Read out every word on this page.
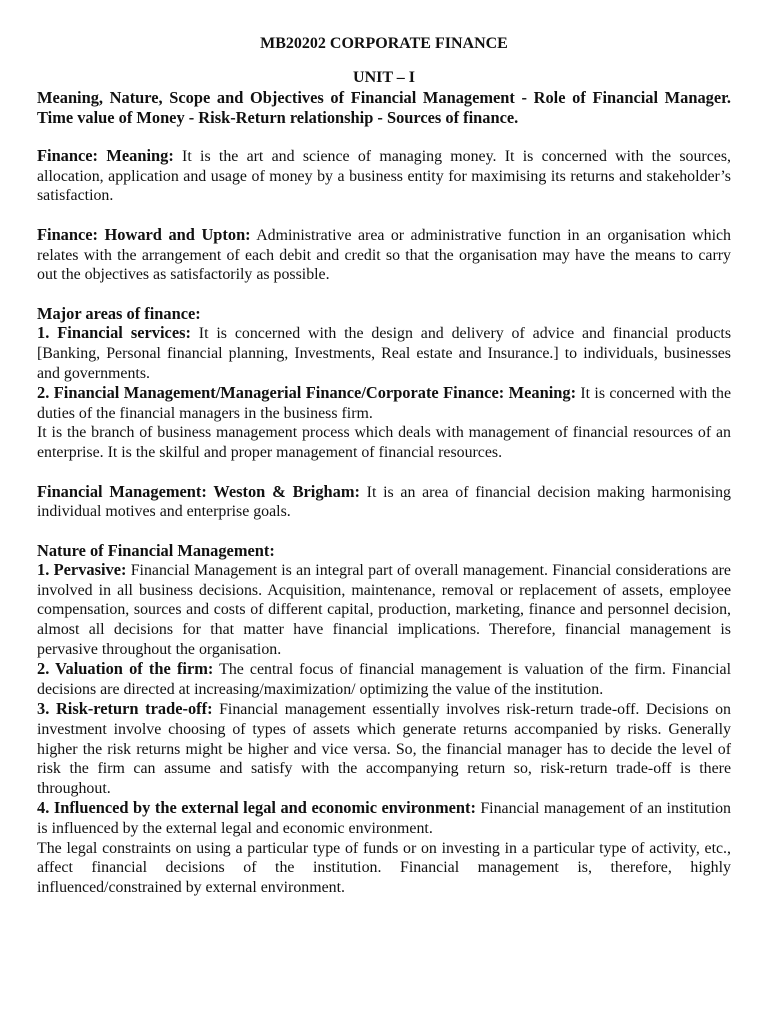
MB20202 CORPORATE FINANCE
UNIT – I

Meaning, Nature, Scope and Objectives of Financial Management - Role of Financial Manager. Time value of Money - Risk-Return relationship - Sources of finance.

Finance: Meaning: It is the art and science of managing money. It is concerned with the sources, allocation, application and usage of money by a business entity for maximising its returns and stakeholder’s satisfaction.

Finance: Howard and Upton: Administrative area or administrative function in an organisation which relates with the arrangement of each debit and credit so that the organisation may have the means to carry out the objectives as satisfactorily as possible.

Major areas of finance:

1. Financial services: It is concerned with the design and delivery of advice and financial products [Banking, Personal financial planning, Investments, Real estate and Insurance.] to individuals, businesses and governments.

2. Financial Management/Managerial Finance/Corporate Finance: Meaning: It is concerned with the duties of the financial managers in the business firm.

It is the branch of business management process which deals with management of financial resources of an enterprise. It is the skilful and proper management of financial resources.

Financial Management: Weston & Brigham: It is an area of financial decision making harmonising individual motives and enterprise goals.

Nature of Financial Management:

1. Pervasive: Financial Management is an integral part of overall management. Financial considerations are involved in all business decisions. Acquisition, maintenance, removal or replacement of assets, employee compensation, sources and costs of different capital, production, marketing, finance and personnel decision, almost all decisions for that matter have financial implications. Therefore, financial management is pervasive throughout the organisation.

2. Valuation of the firm: The central focus of financial management is valuation of the firm. Financial decisions are directed at increasing/maximization/ optimizing the value of the institution.

3. Risk-return trade-off: Financial management essentially involves risk-return trade-off. Decisions on investment involve choosing of types of assets which generate returns accompanied by risks. Generally higher the risk returns might be higher and vice versa. So, the financial manager has to decide the level of risk the firm can assume and satisfy with the accompanying return so, risk-return trade-off is there throughout.

4. Influenced by the external legal and economic environment: Financial management of an institution is influenced by the external legal and economic environment.

The legal constraints on using a particular type of funds or on investing in a particular type of activity, etc., affect financial decisions of the institution. Financial management is, therefore, highly influenced/constrained by external environment.
